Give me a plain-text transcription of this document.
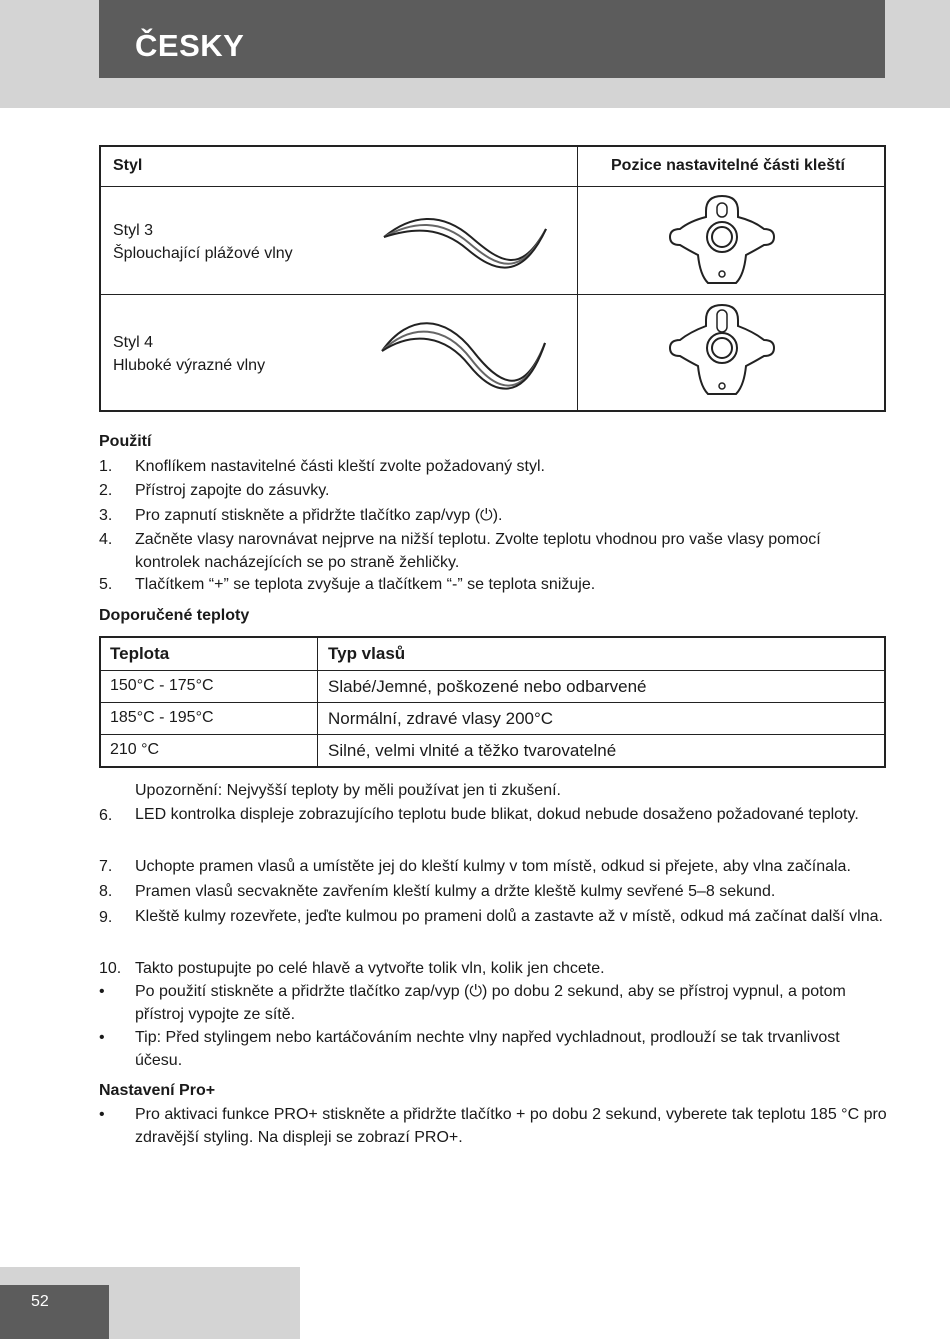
ČESKY
Styl	Pozice nastavitelné části kleští
Styl 3
Šplouchající plážové vlny
Styl 4
Hluboké výrazné vlny
Použití
1. Knoflíkem nastavitelné části kleští zvolte požadovaný styl.
2. Přístroj zapojte do zásuvky.
3. Pro zapnutí stiskněte a přidržte tlačítko zap/vyp (⏻).
4. Začněte vlasy narovnávat nejprve na nižší teplotu. Zvolte teplotu vhodnou pro vaše vlasy pomocí kontrolek nacházejících se po straně žehličky.
5. Tlačítkem “+” se teplota zvyšuje a tlačítkem “-” se teplota snižuje.
Doporučené teploty
Teplota	Typ vlasů
150°C - 175°C	Slabé/Jemné, poškozené nebo odbarvené
185°C - 195°C	Normální, zdravé vlasy 200°C
210 °C	Silné, velmi vlnité a těžko tvarovatelné
Upozornění: Nejvyšší teploty by měli používat jen ti zkušení.
6. LED kontrolka displeje zobrazujícího teplotu bude blikat, dokud nebude dosaženo požadované teploty.
7. Uchopte pramen vlasů a umístěte jej do kleští kulmy v tom místě, odkud si přejete, aby vlna začínala.
8. Pramen vlasů secvakněte zavřením kleští kulmy a držte kleště kulmy sevřené 5–8 sekund.
9. Kleště kulmy rozevřete, jeďte kulmou po prameni dolů a zastavte až v místě, odkud má začínat další vlna.
10. Takto postupujte po celé hlavě a vytvořte tolik vln, kolik jen chcete.
• Po použití stiskněte a přidržte tlačítko zap/vyp (⏻) po dobu 2 sekund, aby se přístroj vypnul, a potom přístroj vypojte ze sítě.
• Tip: Před stylingem nebo kartáčováním nechte vlny napřed vychladnout, prodlouží se tak trvanlivost účesu.
Nastavení Pro+
• Pro aktivaci funkce PRO+ stiskněte a přidržte tlačítko + po dobu 2 sekund, vyberete tak teplotu 185 °C pro zdravější styling. Na displeji se zobrazí PRO+.
52
